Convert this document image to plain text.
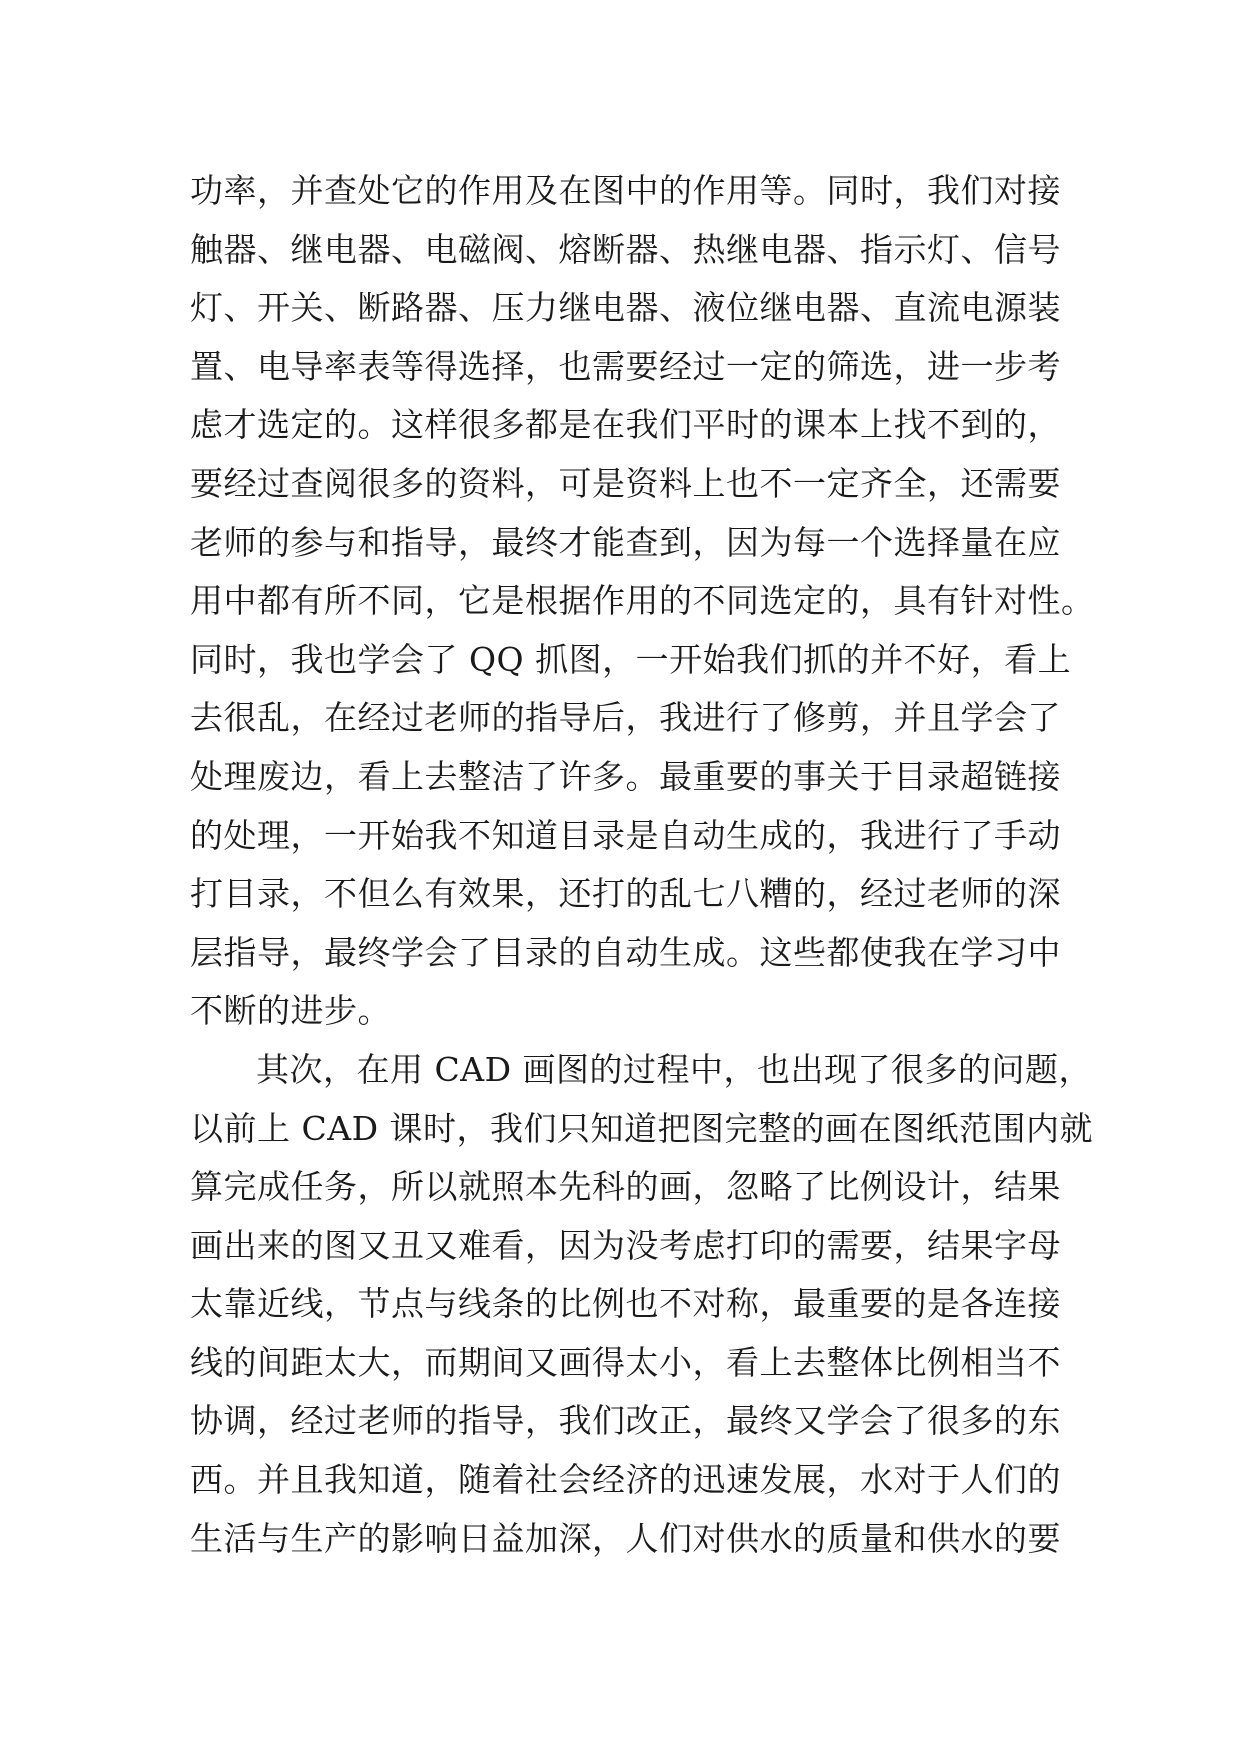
功率，并查处它的作用及在图中的作用等。同时，我们对接
触器、继电器、电磁阀、熔断器、热继电器、指示灯、信号
灯、开关、断路器、压力继电器、液位继电器、直流电源装
置、电导率表等得选择，也需要经过一定的筛选，进一步考
虑才选定的。这样很多都是在我们平时的课本上找不到的，
要经过查阅很多的资料，可是资料上也不一定齐全，还需要
老师的参与和指导，最终才能查到，因为每一个选择量在应
用中都有所不同，它是根据作用的不同选定的，具有针对性。
同时，我也学会了 QQ 抓图，一开始我们抓的并不好，看上
去很乱，在经过老师的指导后，我进行了修剪，并且学会了
处理废边，看上去整洁了许多。最重要的事关于目录超链接
的处理，一开始我不知道目录是自动生成的，我进行了手动
打目录，不但么有效果，还打的乱七八糟的，经过老师的深
层指导，最终学会了目录的自动生成。这些都使我在学习中
不断的进步。
其次，在用 CAD 画图的过程中，也出现了很多的问题，
以前上 CAD 课时，我们只知道把图完整的画在图纸范围内就
算完成任务，所以就照本先科的画，忽略了比例设计，结果
画出来的图又丑又难看，因为没考虑打印的需要，结果字母
太靠近线，节点与线条的比例也不对称，最重要的是各连接
线的间距太大，而期间又画得太小，看上去整体比例相当不
协调，经过老师的指导，我们改正，最终又学会了很多的东
西。并且我知道，随着社会经济的迅速发展，水对于人们的
生活与生产的影响日益加深，人们对供水的质量和供水的要
